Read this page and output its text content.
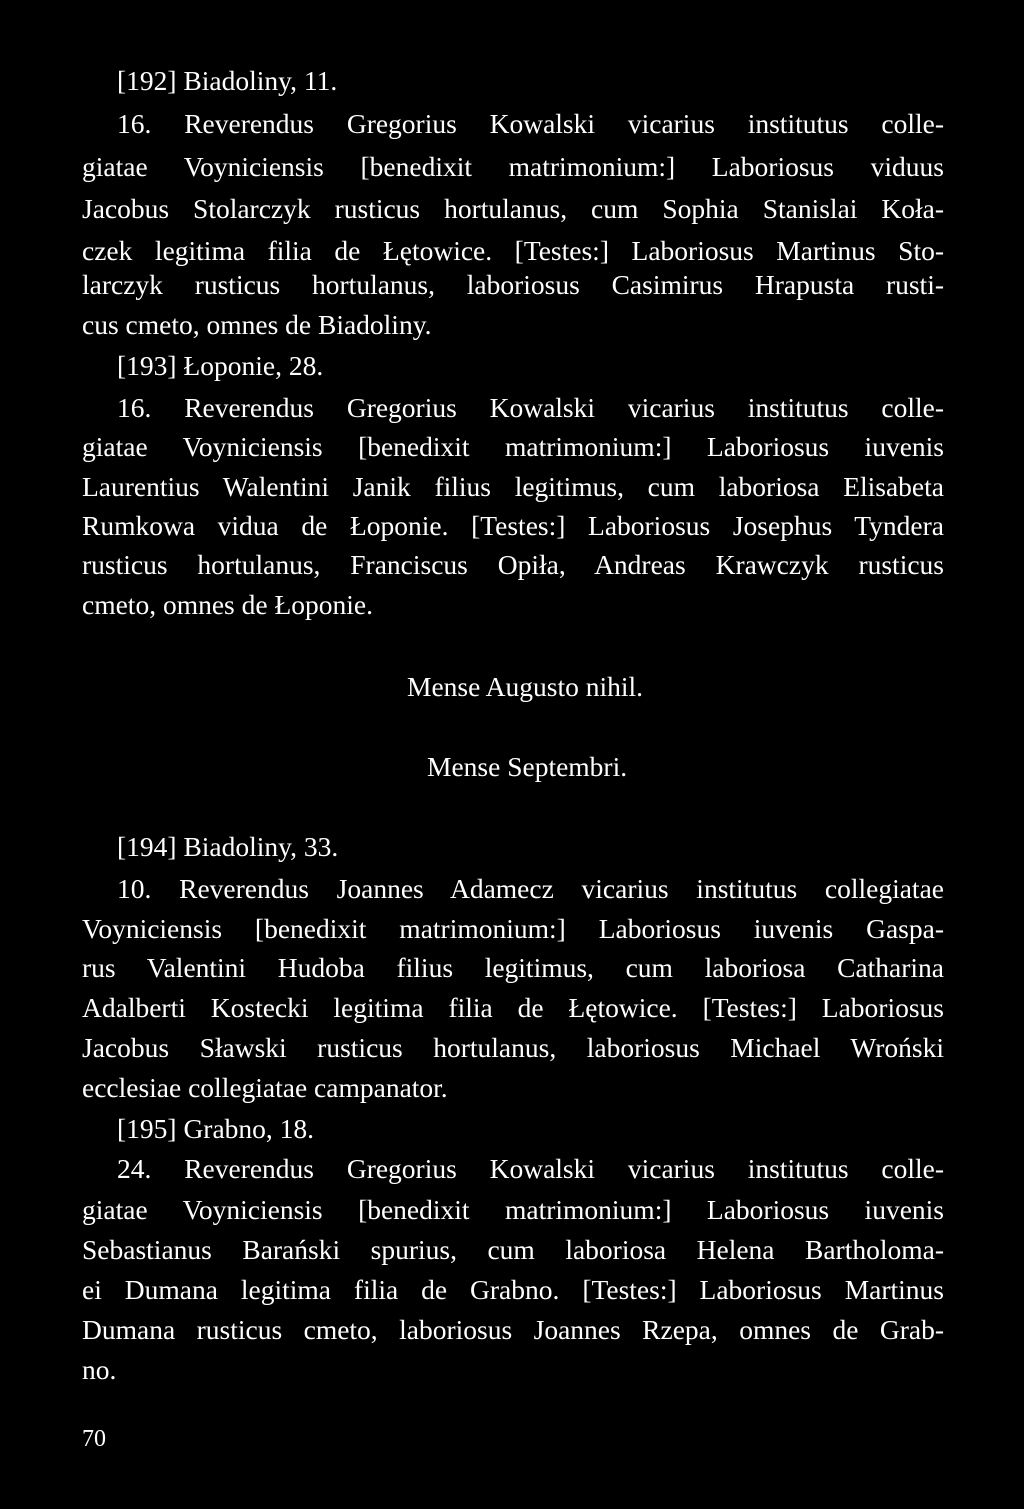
[192] Biadoliny, 11.
16. Reverendus Gregorius Kowalski vicarius institutus colle-
giatae Voyniciensis [benedixit matrimonium:] Laboriosus viduus
Jacobus Stolarczyk rusticus hortulanus, cum Sophia Stanislai Koła-
czek legitima filia de Łętowice. [Testes:] Laboriosus Martinus Sto-
larczyk rusticus hortulanus, laboriosus Casimirus Hrapusta rusti-
cus cmeto, omnes de Biadoliny.
[193] Łoponie, 28.
16. Reverendus Gregorius Kowalski vicarius institutus colle-
giatae Voyniciensis [benedixit matrimonium:] Laboriosus iuvenis
Laurentius Walentini Janik filius legitimus, cum laboriosa Elisabeta
Rumkowa vidua de Łoponie. [Testes:] Laboriosus Josephus Tyndera
rusticus hortulanus, Franciscus Opiła, Andreas Krawczyk rusticus
cmeto, omnes de Łoponie.
Mense Augusto nihil.
Mense Septembri.
[194] Biadoliny, 33.
10. Reverendus Joannes Adamecz vicarius institutus collegiatae
Voyniciensis [benedixit matrimonium:] Laboriosus iuvenis Gaspa-
rus Valentini Hudoba filius legitimus, cum laboriosa Catharina
Adalberti Kostecki legitima filia de Łętowice. [Testes:] Laboriosus
Jacobus Sławski rusticus hortulanus, laboriosus Michael Wroński
ecclesiae collegiatae campanator.
[195] Grabno, 18.
24. Reverendus Gregorius Kowalski vicarius institutus colle-
giatae Voyniciensis [benedixit matrimonium:] Laboriosus iuvenis
Sebastianus Barański spurius, cum laboriosa Helena Bartholoma-
ei Dumana legitima filia de Grabno. [Testes:] Laboriosus Martinus
Dumana rusticus cmeto, laboriosus Joannes Rzepa, omnes de Grab-
no.
70
